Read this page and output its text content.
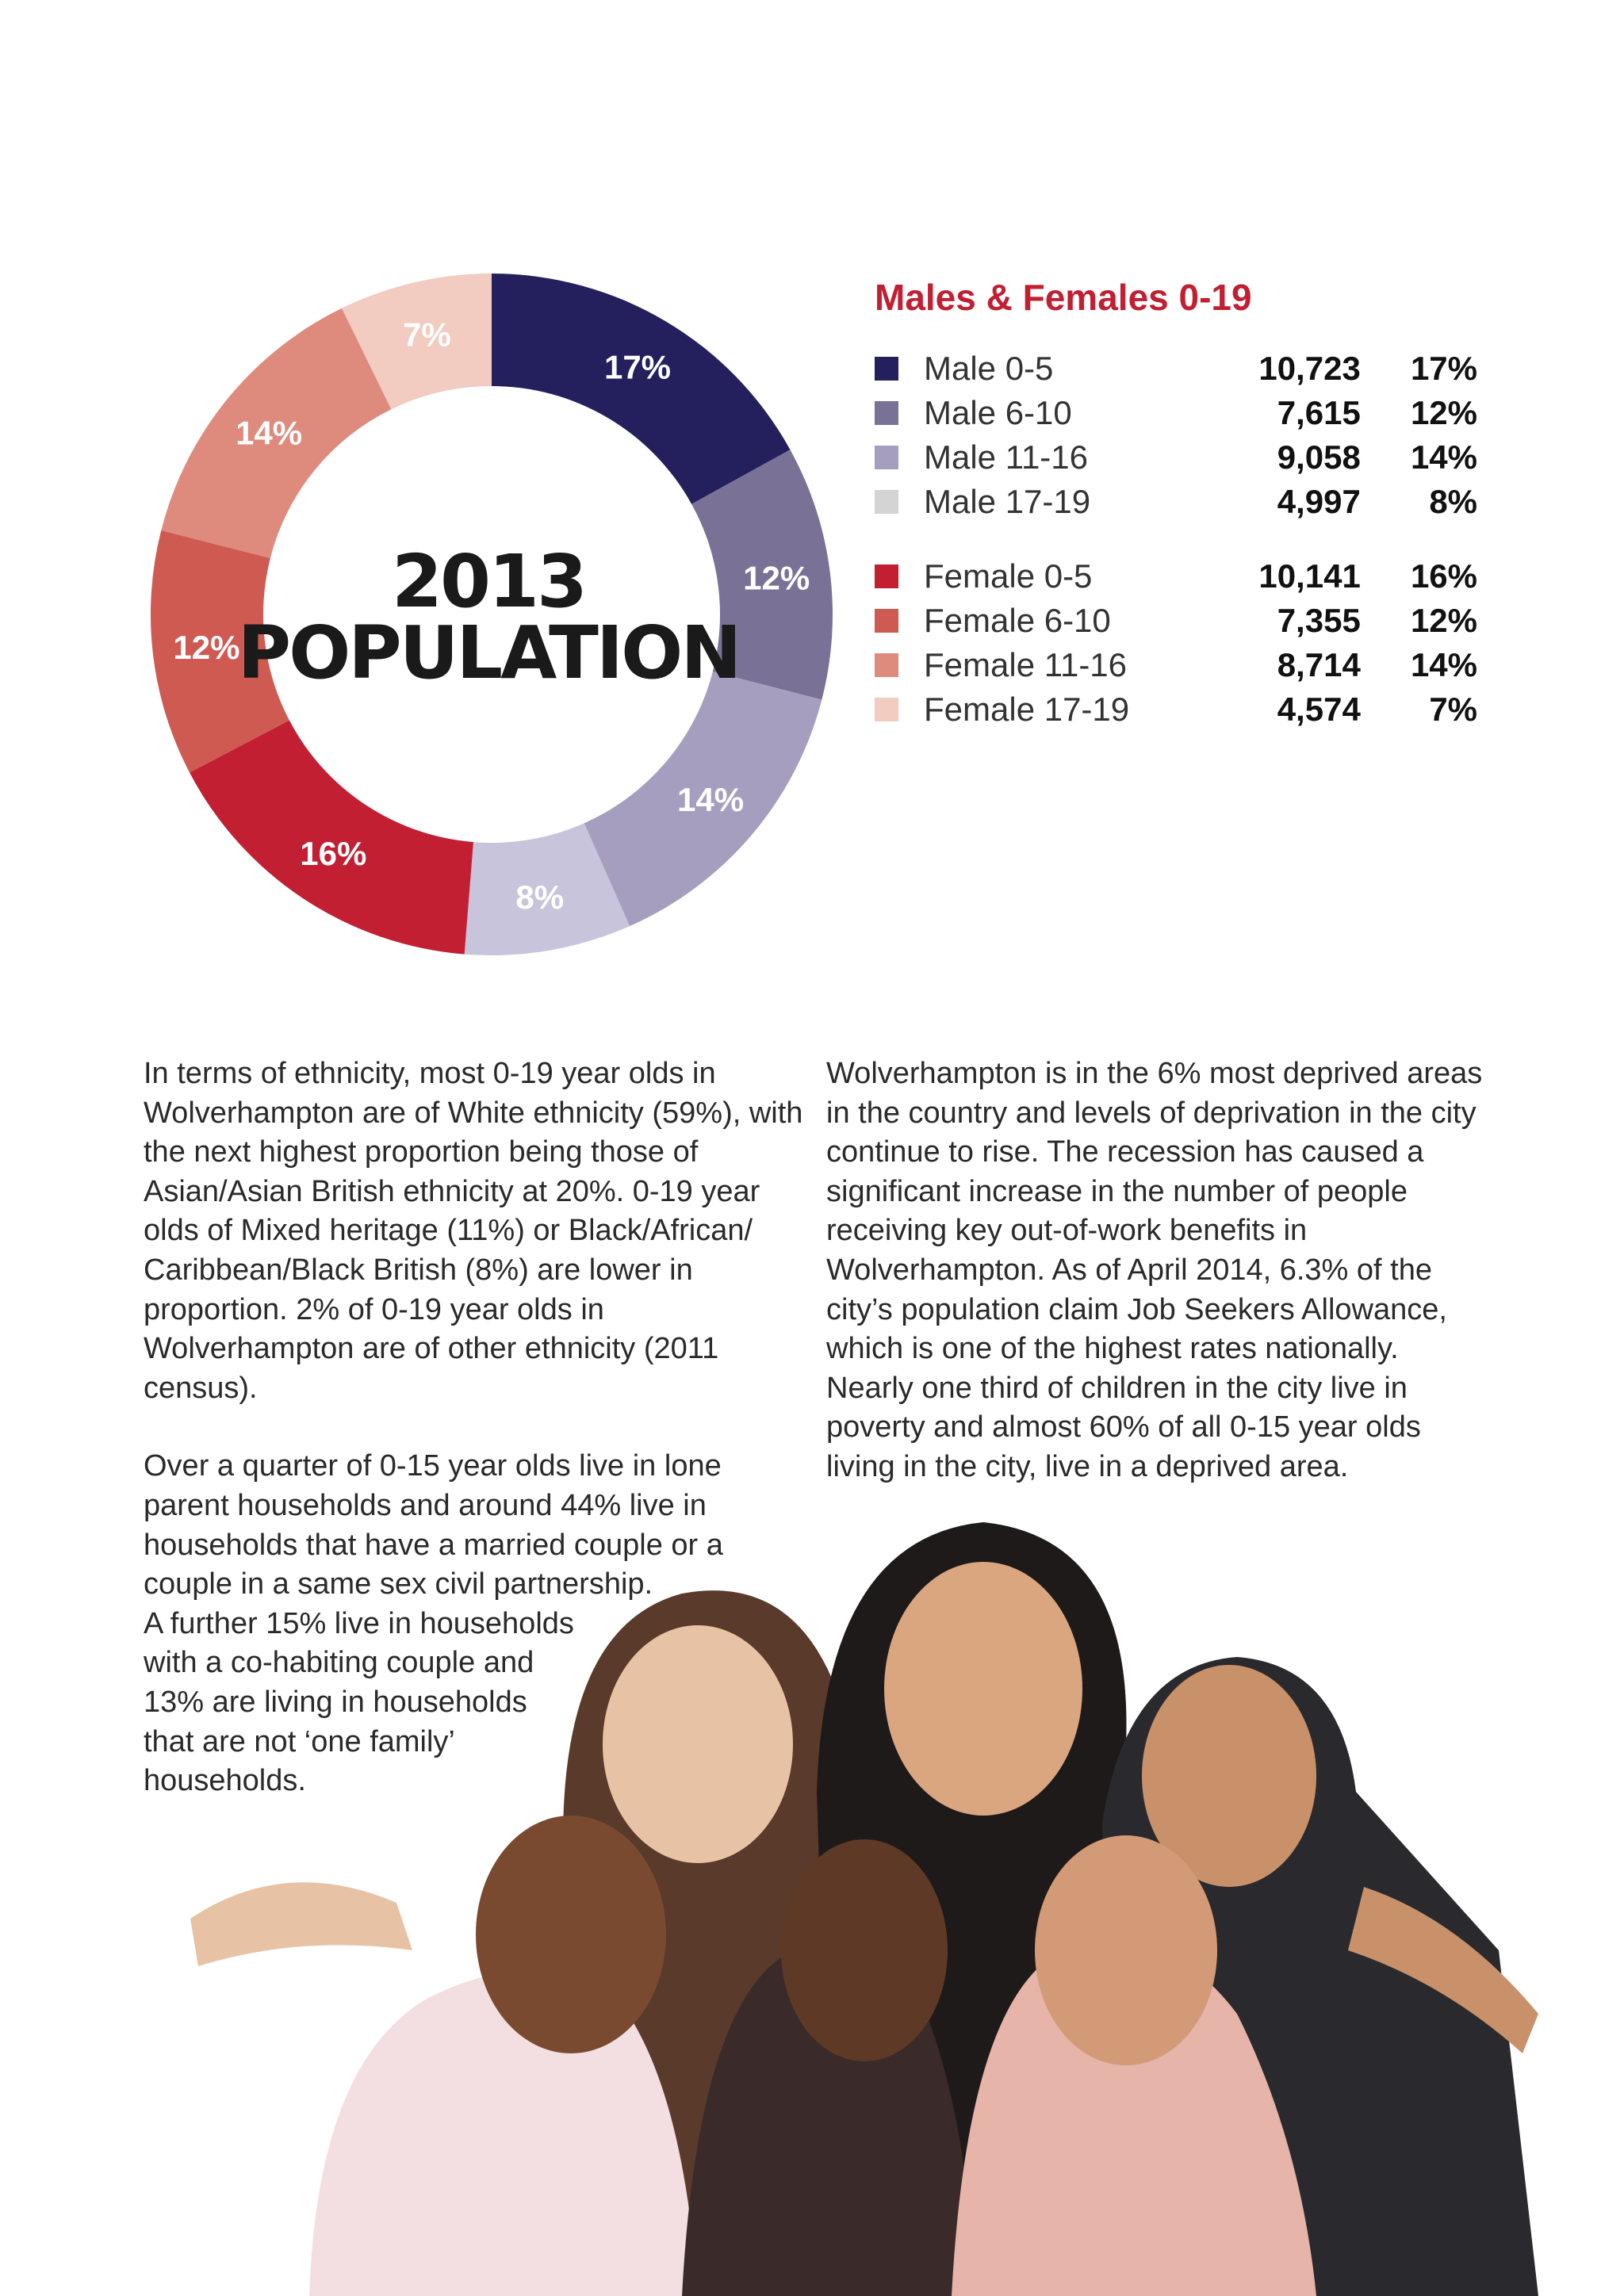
17%
12%
14%
8%
16%
12%
14%
7%
2013
POPULATION
Males & Females 0-19
Male 0-5	10,723	17%
Male 6-10	7,615	12%
Male 11-16	9,058	14%
Male 17-19	4,997	8%
Female 0-5	10,141	16%
Female 6-10	7,355	12%
Female 11-16	8,714	14%
Female 17-19	4,574	7%

In terms of ethnicity, most 0-19 year olds in Wolverhampton are of White ethnicity (59%), with the next highest proportion being those of Asian/Asian British ethnicity at 20%. 0-19 year olds of Mixed heritage (11%) or Black/African/ Caribbean/Black British (8%) are lower in proportion. 2% of 0-19 year olds in Wolverhampton are of other ethnicity (2011 census).

Over a quarter of 0-15 year olds live in lone
parent households and around 44% live in
households that have a married couple or a
couple in a same sex civil partnership.
A further 15% live in households
with a co-habiting couple and
13% are living in households
that are not ‘one family’
households.

Wolverhampton is in the 6% most deprived areas in the country and levels of deprivation in the city continue to rise. The recession has caused a significant increase in the number of people receiving key out-of-work benefits in Wolverhampton. As of April 2014, 6.3% of the city’s population claim Job Seekers Allowance, which is one of the highest rates nationally. Nearly one third of children in the city live in poverty and almost 60% of all 0-15 year olds living in the city, live in a deprived area.

3
